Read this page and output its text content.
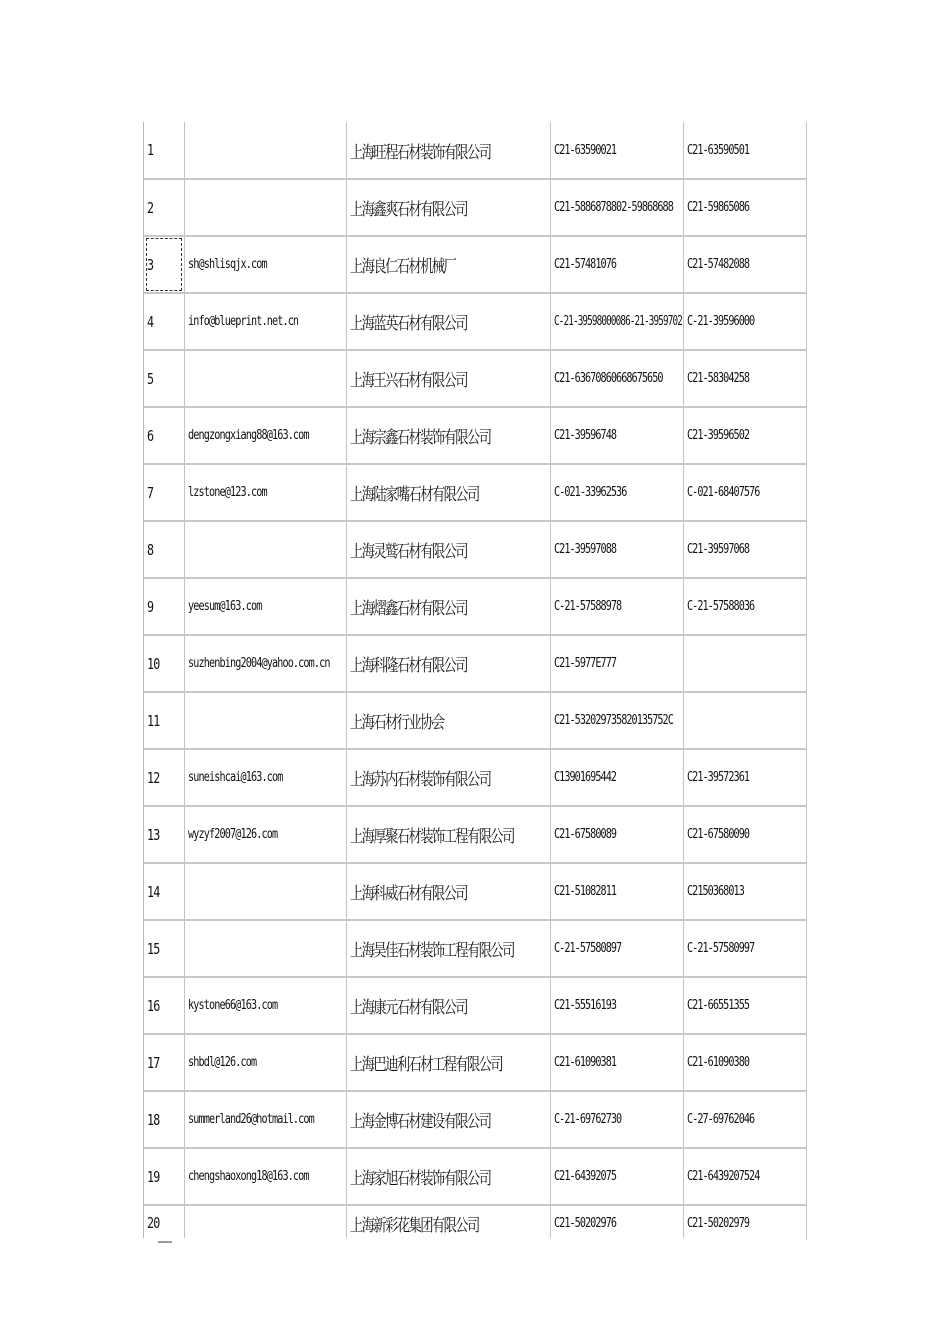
1		上海旺程石材装饰有限公司	C21-63590021	C21-63590501
2		上海鑫爽石材有限公司	C21-5886878802-59868688	C21-59865086
3	sh@shlisqjx.com	上海良仁石材机械厂	C21-57481076	C21-57482088
4	info@blueprint.net.cn	上海蓝英石材有限公司	C-21-39598000086-21-3959702	C-21-39596000
5		上海王兴石材有限公司	C21-63670860668675650	C21-58304258
6	dengzongxiang88@163.com	上海宗鑫石材装饰有限公司	C21-39596748	C21-39596502
7	lzstone@123.com	上海陆家嘴石材有限公司	C-021-33962536	C-021-68407576
8		上海灵鹫石材有限公司	C21-39597088	C21-39597068
9	yeesum@163.com	上海熠鑫石材有限公司	C-21-57588978	C-21-57588036
10	suzhenbing2004@yahoo.com.cn	上海科隆石材有限公司	C21-5977E777	
11		上海石材行业协会	C21-532029735820135752C	
12	suneishcai@163.com	上海苏内石材装饰有限公司	C13901695442	C21-39572361
13	wyzyf2007@126.com	上海厚聚石材装饰工程有限公司	C21-67580089	C21-67580090
14		上海科威石材有限公司	C21-51082811	C2150368013
15		上海昊佳石材装饰工程有限公司	C-21-57580897	C-21-57580997
16	kystone66@163.com	上海康元石材有限公司	C21-55516193	C21-66551355
17	shbdl@126.com	上海巴迪利石材工程有限公司	C21-61090381	C21-61090380
18	summerland26@hotmail.com	上海金博石材建设有限公司	C-21-69762730	C-27-69762046
19	chengshaoxong18@163.com	上海家旭石材装饰有限公司	C21-64392075	C21-6439207524
20		上海新彩花集团有限公司	C21-50202976	C21-50202979
